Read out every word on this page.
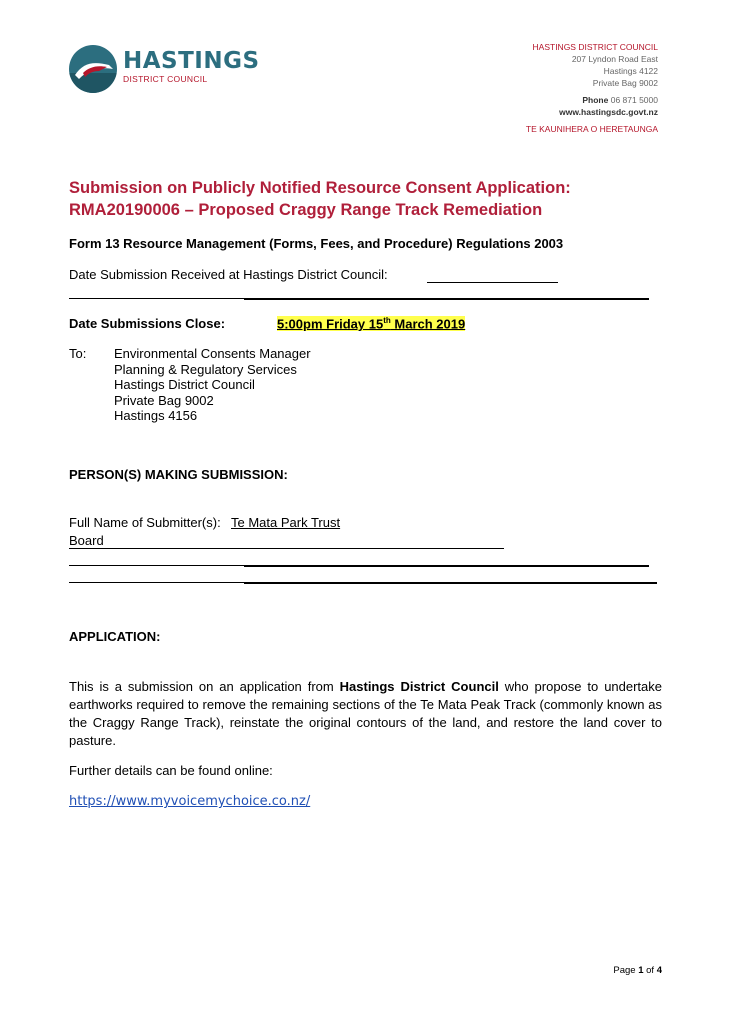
HASTINGS
DISTRICT COUNCIL
HASTINGS DISTRICT COUNCIL
207 Lyndon Road East
Hastings 4122
Private Bag 9002
Phone 06 871 5000
www.hastingsdc.govt.nz
TE KAUNIHERA O HERETAUNGA
Submission on Publicly Notified Resource Consent Application:
RMA20190006 – Proposed Craggy Range Track Remediation
Form 13 Resource Management (Forms, Fees, and Procedure) Regulations 2003
Date Submission Received at Hastings District Council:
Date Submissions Close:	5:00pm Friday 15th March 2019
To: Environmental Consents Manager
Planning & Regulatory Services
Hastings District Council
Private Bag 9002
Hastings 4156
PERSON(S) MAKING SUBMISSION:
Full Name of Submitter(s): Te Mata Park Trust
Board
APPLICATION:
This is a submission on an application from Hastings District Council who propose to undertake earthworks required to remove the remaining sections of the Te Mata Peak Track (commonly known as the Craggy Range Track), reinstate the original contours of the land, and restore the land cover to pasture.
Further details can be found online:
https://www.myvoicemychoice.co.nz/
Page 1 of 4
